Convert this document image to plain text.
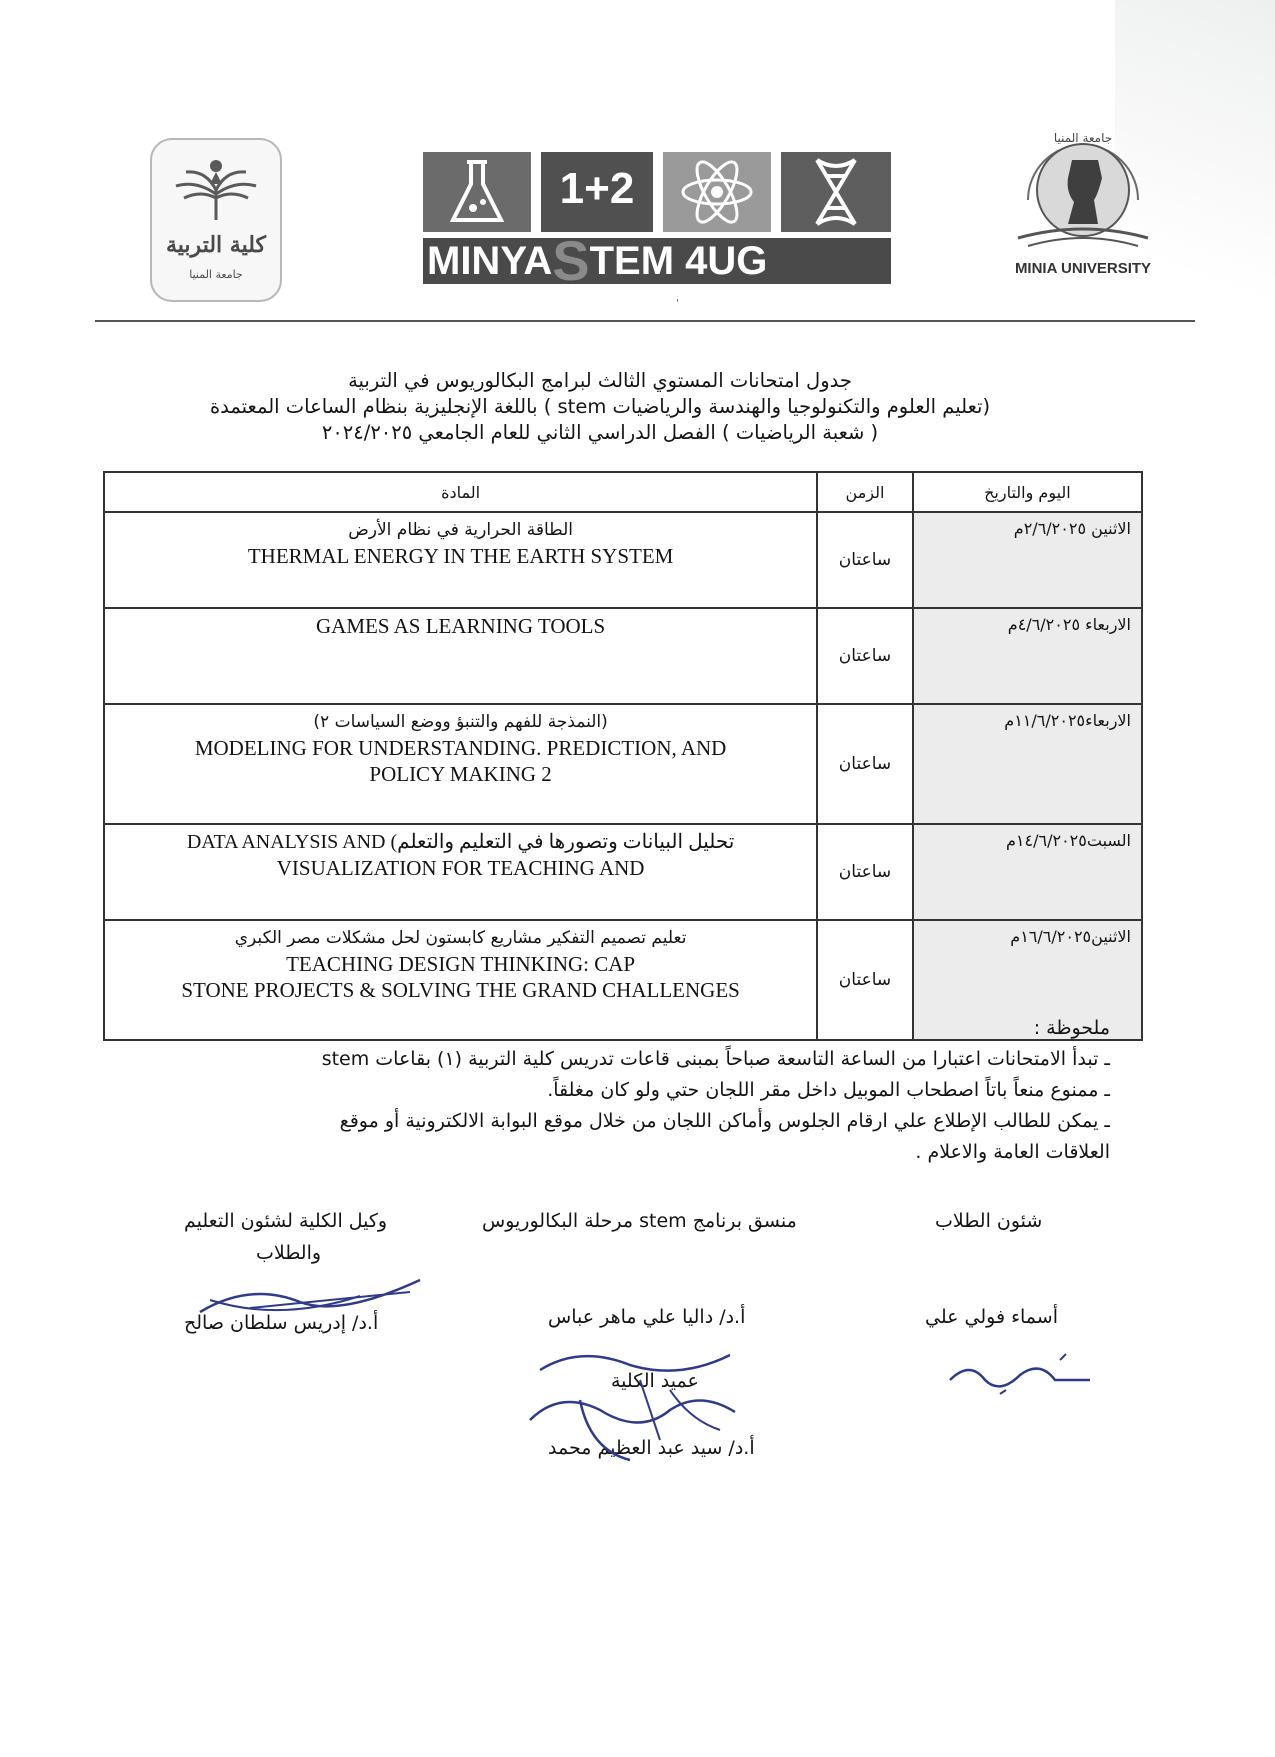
كلية التربية
جامعة المنيا
1+2
MINYA S TEM 4UG
جامعة المنيا
MINIA UNIVERSITY
'
جدول امتحانات المستوي الثالث لبرامج البكالوريوس في التربية
(تعليم العلوم والتكنولوجيا والهندسة والرياضيات stem ) باللغة الإنجليزية بنظام الساعات المعتمدة
( شعبة الرياضيات ) الفصل الدراسي الثاني للعام الجامعي ٢٠٢٤/٢٠٢٥
المادة	الزمن	اليوم والتاريخ

الطاقة الحرارية في نظام الأرض
THERMAL ENERGY IN THE EARTH SYSTEM	ساعتان	الاثنين ٢/٦/٢٠٢٥م

GAMES AS LEARNING TOOLS	ساعتان	الاربعاء ٤/٦/٢٠٢٥م

(النمذجة للفهم والتنبؤ ووضع السياسات ٢)
MODELING FOR UNDERSTANDING. PREDICTION, AND
POLICY MAKING 2	ساعتان	الاربعاء١١/٦/٢٠٢٥م

تحليل البيانات وتصورها في التعليم والتعلم) DATA ANALYSIS AND
VISUALIZATION FOR TEACHING AND	ساعتان	السبت١٤/٦/٢٠٢٥م

تعليم تصميم التفكير مشاريع كابستون لحل مشكلات مصر الكبري
TEACHING DESIGN THINKING: CAP
STONE PROJECTS & SOLVING THE GRAND CHALLENGES	ساعتان	الاثنين١٦/٦/٢٠٢٥م
ملحوظة :
ـ تبدأ الامتحانات اعتبارا من الساعة التاسعة صباحاً بمبنى قاعات تدريس كلية التربية (١) بقاعات stem
ـ ممنوع منعاً باتاً اصطحاب الموبيل داخل مقر اللجان حتي ولو كان مغلقاً.
ـ يمكن للطالب الإطلاع علي ارقام الجلوس وأماكن اللجان من خلال موقع البوابة الالكترونية أو موقع
العلاقات العامة والاعلام .
شئون الطلاب
أسماء فولي علي
منسق برنامج stem مرحلة البكالوريوس
أ.د/ داليا علي ماهر عباس
وكيل الكلية لشئون التعليم
والطلاب
أ.د/ إدريس سلطان صالح
عميد الكلية
أ.د/ سيد عبد العظيم محمد
